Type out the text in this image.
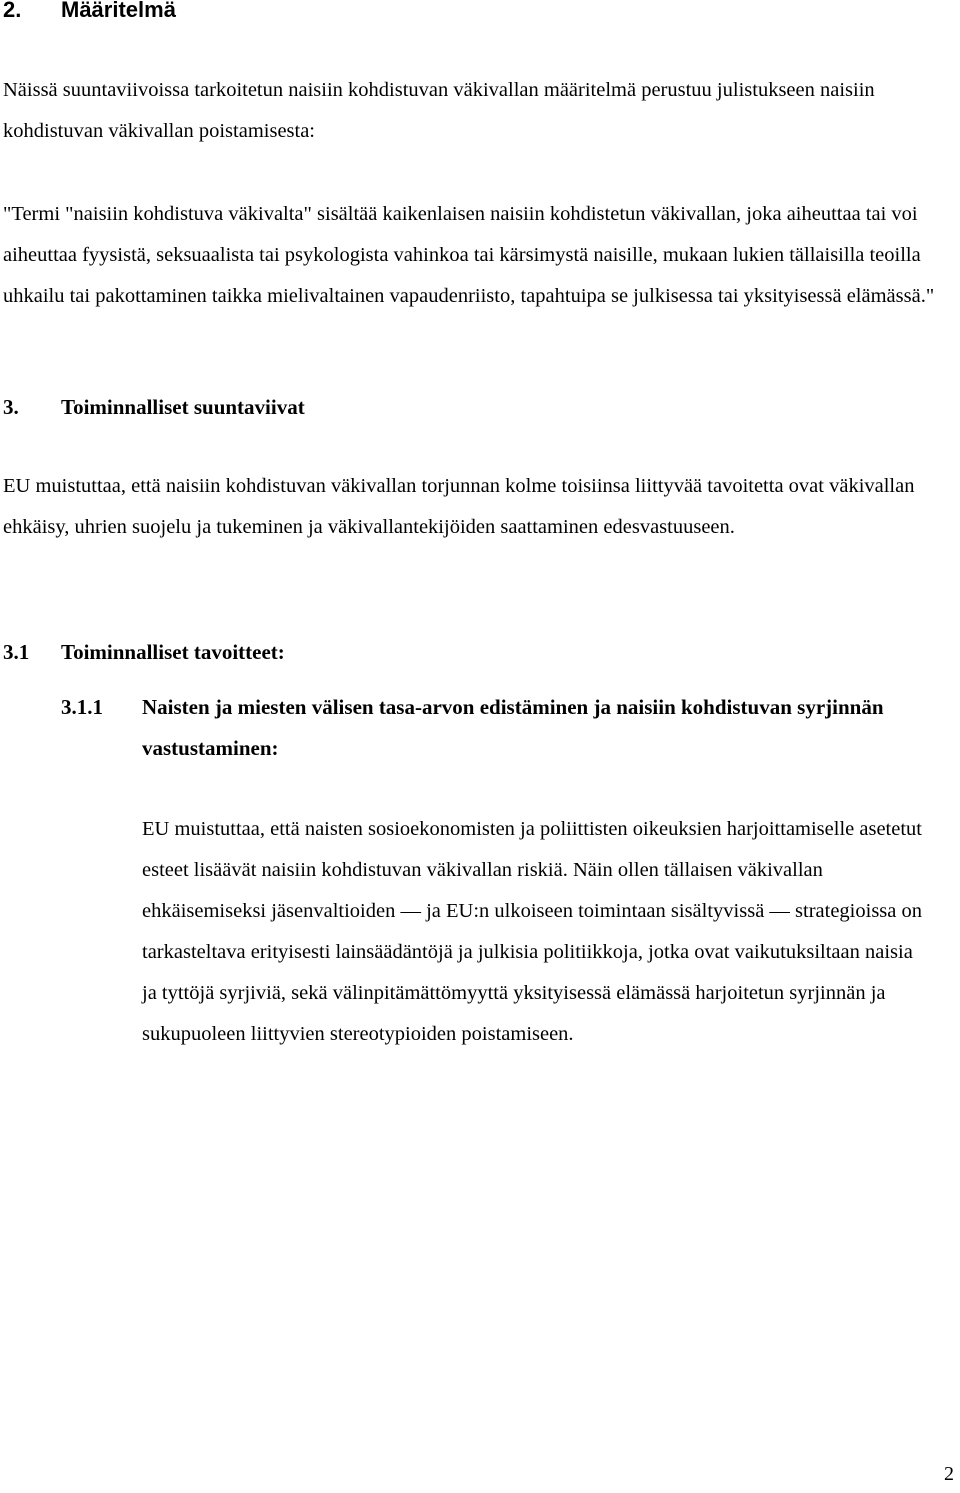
2. Määritelmä

Näissä suuntaviivoissa tarkoitetun naisiin kohdistuvan väkivallan määritelmä perustuu julistukseen naisiin kohdistuvan väkivallan poistamisesta:

"Termi "naisiin kohdistuva väkivalta" sisältää kaikenlaisen naisiin kohdistetun väkivallan, joka aiheuttaa tai voi aiheuttaa fyysistä, seksuaalista tai psykologista vahinkoa tai kärsimystä naisille, mukaan lukien tällaisilla teoilla uhkailu tai pakottaminen taikka mielivaltainen vapaudenriisto, tapahtuipa se julkisessa tai yksityisessä elämässä."

3. Toiminnalliset suuntaviivat

EU muistuttaa, että naisiin kohdistuvan väkivallan torjunnan kolme toisiinsa liittyvää tavoitetta ovat väkivallan ehkäisy, uhrien suojelu ja tukeminen ja väkivallantekijöiden saattaminen edesvastuuseen.

3.1 Toiminnalliset tavoitteet:
3.1.1 Naisten ja miesten välisen tasa-arvon edistäminen ja naisiin kohdistuvan syrjinnän vastustaminen:

EU muistuttaa, että naisten sosioekonomisten ja poliittisten oikeuksien harjoittamiselle asetetut esteet lisäävät naisiin kohdistuvan väkivallan riskiä. Näin ollen tällaisen väkivallan ehkäisemiseksi jäsenvaltioiden — ja EU:n ulkoiseen toimintaan sisältyvissä — strategioissa on tarkasteltava erityisesti lainsäädäntöjä ja julkisia politiikkoja, jotka ovat vaikutuksiltaan naisia ja tyttöjä syrjiviä, sekä välinpitämättömyyttä yksityisessä elämässä harjoitetun syrjinnän ja sukupuoleen liittyvien stereotypioiden poistamiseen.

2
